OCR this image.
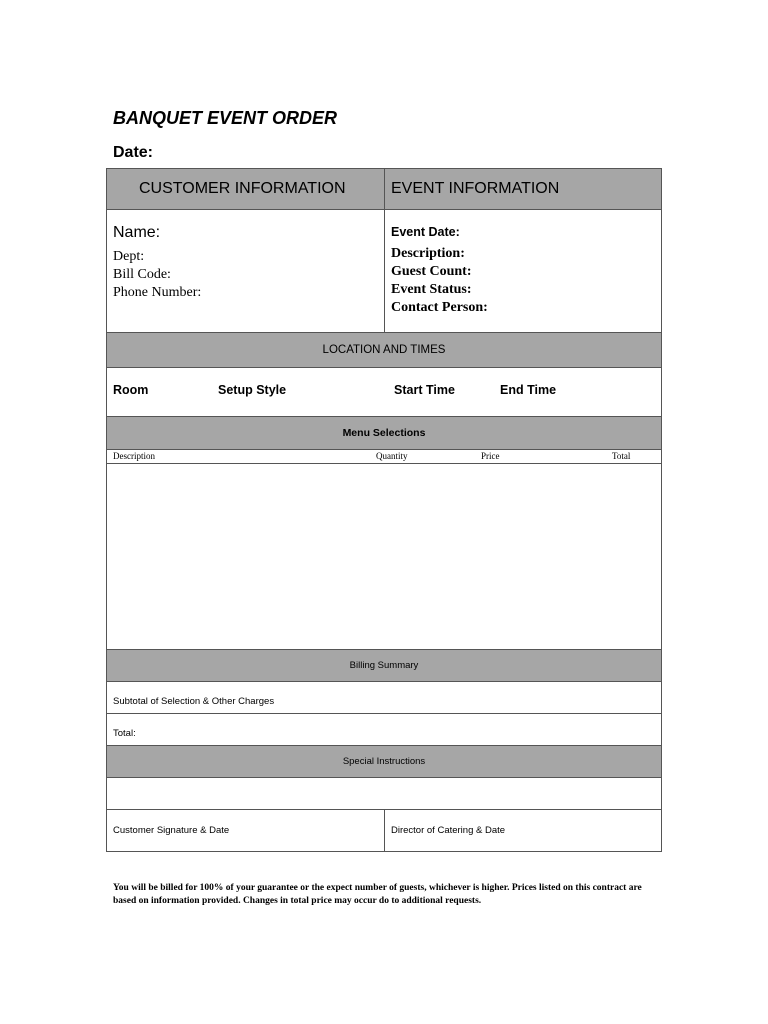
BANQUET EVENT ORDER
Date:
CUSTOMER INFORMATION	EVENT INFORMATION
Name:
Dept:
Bill Code:
Phone Number:
Event Date:
Description:
Guest Count:
Event Status:
Contact Person:
LOCATION AND TIMES
Room	Setup Style	Start Time	End Time
Menu Selections
Description	Quantity	Price	Total
Billing Summary
Subtotal of Selection & Other Charges
Total:
Special Instructions
Customer Signature & Date	Director of Catering & Date

You will be billed for 100% of your guarantee or the expect number of guests, whichever is higher. Prices listed on this contract are based on information provided. Changes in total price may occur do to additional requests.
